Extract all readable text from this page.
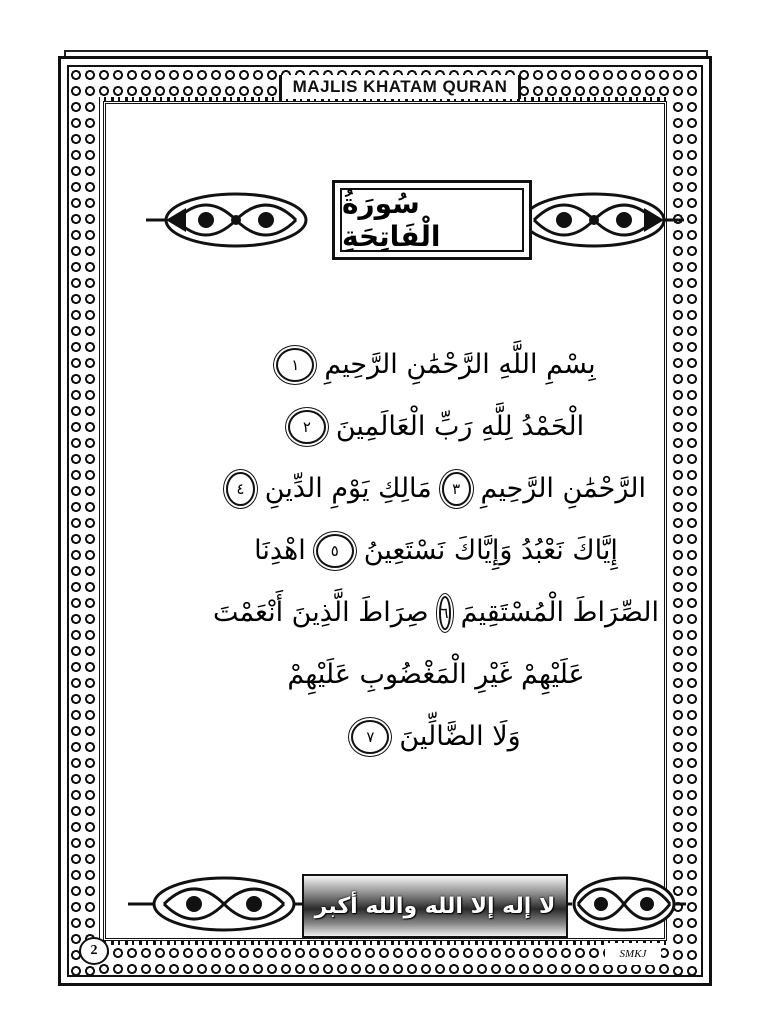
سُورَةُ الْفَاتِحَةِ
بِسْمِ اللَّهِ الرَّحْمَٰنِ الرَّحِيمِ
١
الْحَمْدُ لِلَّهِ رَبِّ الْعَالَمِينَ
٢
الرَّحْمَٰنِ الرَّحِيمِ
٣
مَالِكِ يَوْمِ الدِّينِ
٤
إِيَّاكَ نَعْبُدُ وَإِيَّاكَ نَسْتَعِينُ
٥
اهْدِنَا
الصِّرَاطَ الْمُسْتَقِيمَ
٦
صِرَاطَ الَّذِينَ أَنْعَمْتَ
عَلَيْهِمْ غَيْرِ الْمَغْضُوبِ عَلَيْهِمْ
وَلَا الضَّالِّينَ
٧
لا إله إلا الله والله أكبر
MAJLIS KHATAM QURAN
2	SMKJ
